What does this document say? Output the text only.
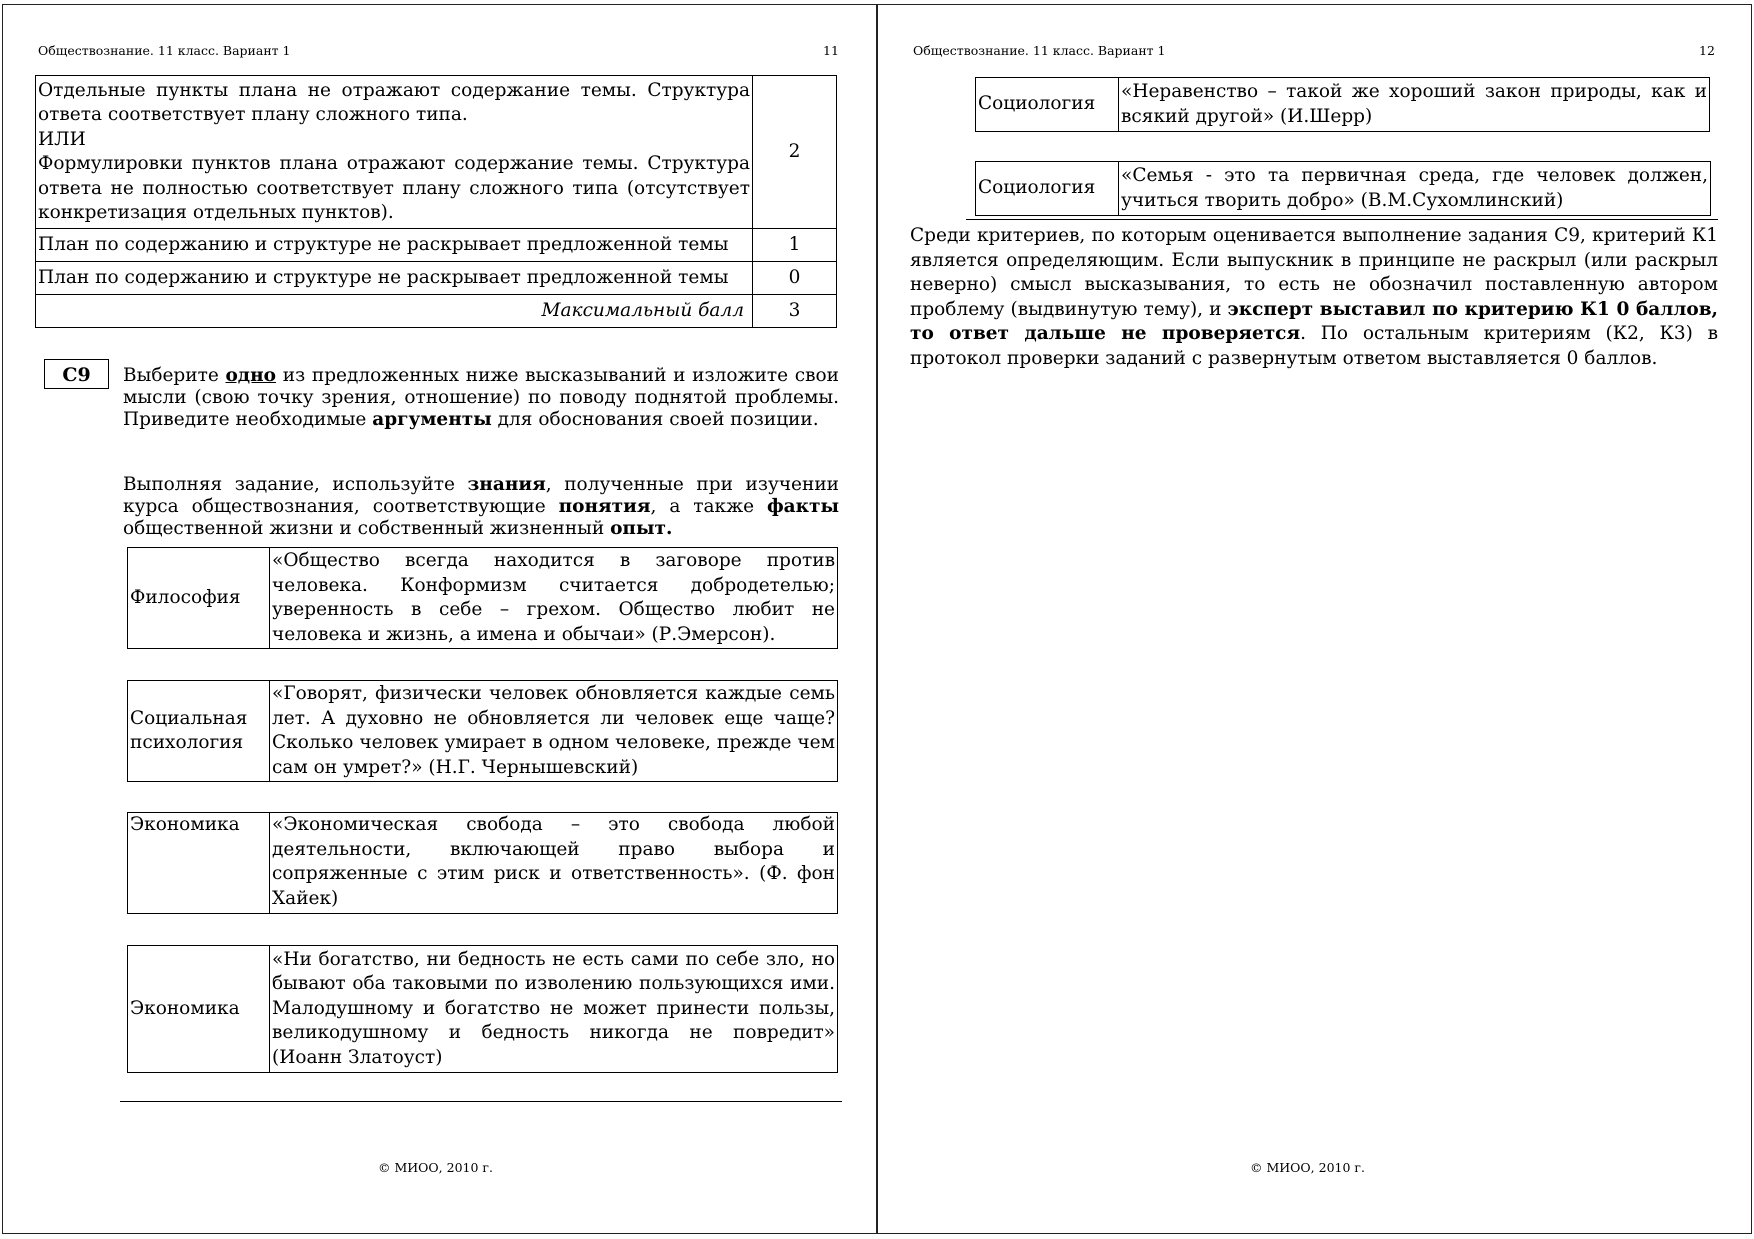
Обществознание. 11 класс. Вариант 1	11
Отдельные пункты плана не отражают содержание темы. Структура ответа соответствует плану сложного типа.
ИЛИ
Формулировки пунктов плана отражают содержание темы. Структура ответа не полностью соответствует плану сложного типа (отсутствует конкретизация отдельных пунктов).	2
План по содержанию и структуре не раскрывает предложенной темы	1
План по содержанию и структуре не раскрывает предложенной темы	0
Максимальный балл	3
C9	Выберите одно из предложенных ниже высказываний и изложите свои мысли (свою точку зрения, отношение) по поводу поднятой проблемы. Приведите необходимые аргументы для обоснования своей позиции.

Выполняя задание, используйте знания, полученные при изучении курса обществознания, соответствующие понятия, а также факты общественной жизни и собственный жизненный опыт.

Философия	«Общество всегда находится в заговоре против человека. Конформизм считается добродетелью; уверенность в себе – грехом. Общество любит не человека и жизнь, а имена и обычаи» (Р.Эмерсон).
Социальная психология	«Говорят, физически человек обновляется каждые семь лет. А духовно не обновляется ли человек еще чаще? Сколько человек умирает в одном человеке, прежде чем сам он умрет?» (Н.Г. Чернышевский)
Экономика	«Экономическая свобода – это свобода любой деятельности, включающей право выбора и сопряженные с этим риск и ответственность». (Ф. фон Хайек)
Экономика	«Ни богатство, ни бедность не есть сами по себе зло, но бывают оба таковыми по изволению пользующихся ими. Малодушному и богатство не может принести пользы, великодушному и бедность никогда не повредит» (Иоанн Златоуст)
© МИОО, 2010 г.
Обществознание. 11 класс. Вариант 1	12
© МИОО, 2010 г.
Социология	«Неравенство – такой же хороший закон природы, как и всякий другой» (И.Шерр)
Социология	«Семья - это та первичная среда, где человек должен, учиться творить добро» (В.М.Сухомлинский)

Среди критериев, по которым оценивается выполнение задания С9, критерий К1 является определяющим. Если выпускник в принципе не раскрыл (или раскрыл неверно) смысл высказывания, то есть не обозначил поставленную автором проблему (выдвинутую тему), и эксперт выставил по критерию К1 0 баллов, то ответ дальше не проверяется. По остальным критериям (К2, К3) в протокол проверки заданий с развернутым ответом выставляется 0 баллов.
